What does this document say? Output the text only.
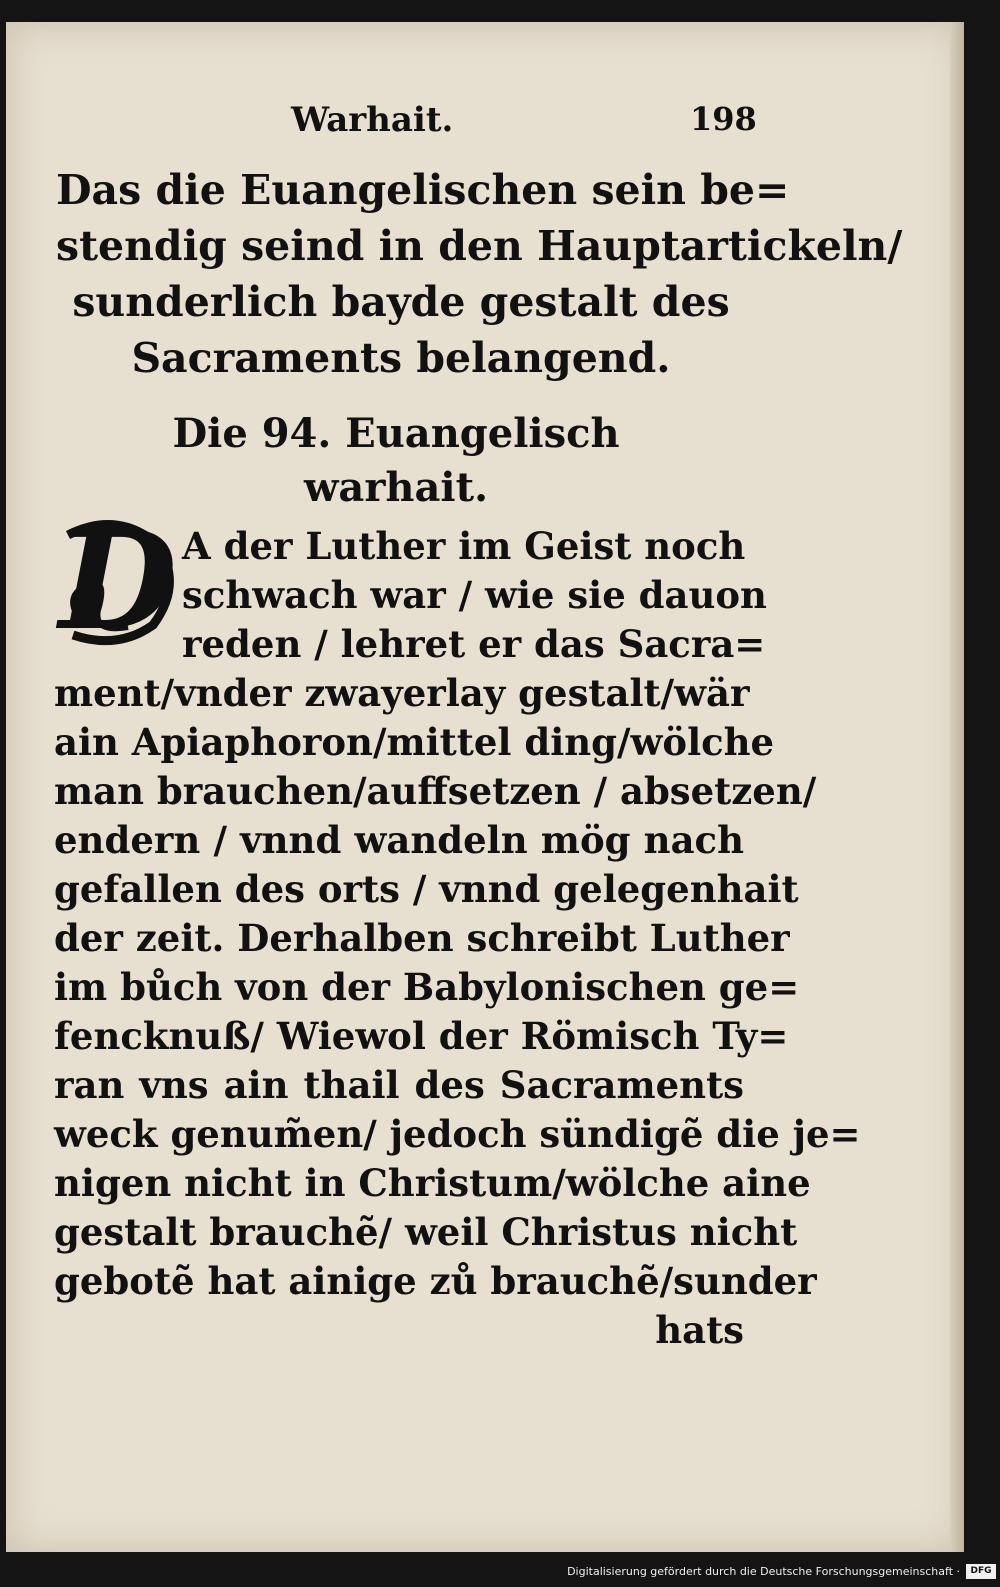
Warhait.	198
Das die Euangelischen sein be=
stendig seind in den Hauptartickeln/
sunderlich bayde gestalt des
Sacraments belangend.
Die 94. Euangelisch
warhait.
D A der Luther im Geist noch
schwach war / wie sie dauon
reden / lehret er das Sacra=
ment/vnder zwayerlay gestalt/wär
ain Apiaphoron/mittel ding/wölche
man brauchen/auffsetzen / absetzen/
endern / vnnd wandeln mög nach
gefallen des orts / vnnd gelegenhait
der zeit. Derhalben schreibt Luther
im bůch von der Babylonischen ge=
fencknuß/ Wiewol der Römisch Ty=
ran vns ain thail des Sacraments
weck genum̃en/ jedoch sündigẽ die je=
nigen nicht in Christum/wölche aine
gestalt brauchẽ/ weil Christus nicht
gebotẽ hat ainige zů brauchẽ/sunder
hats
Digitalisierung gefördert durch die Deutsche Forschungsgemeinschaft ·	DFG
